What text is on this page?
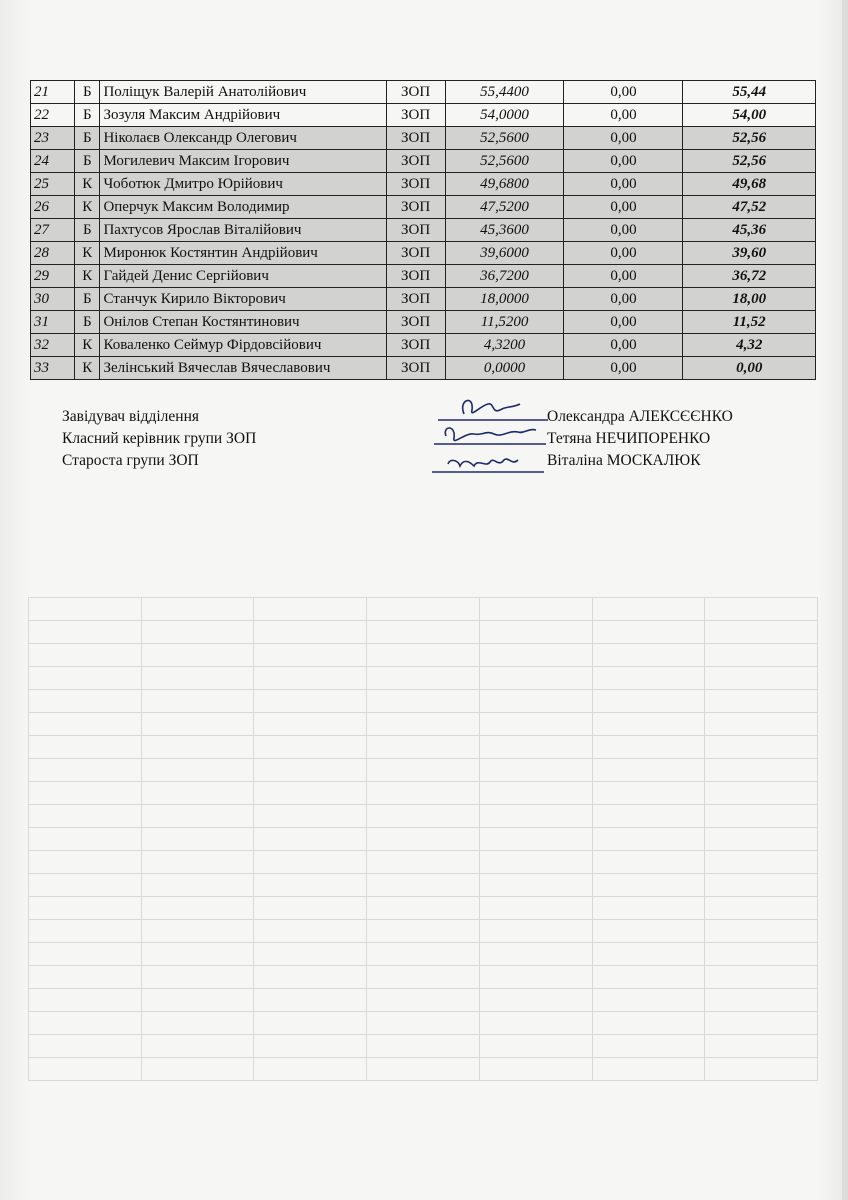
21	Б	Поліщук Валерій Анатолійович	ЗОП	55,4400	0,00	55,44
22	Б	Зозуля Максим Андрійович	ЗОП	54,0000	0,00	54,00
23	Б	Ніколаєв Олександр Олегович	ЗОП	52,5600	0,00	52,56
24	Б	Могилевич Максим Ігорович	ЗОП	52,5600	0,00	52,56
25	К	Чоботюк Дмитро Юрійович	ЗОП	49,6800	0,00	49,68
26	К	Оперчук Максим Володимир	ЗОП	47,5200	0,00	47,52
27	Б	Пахтусов Ярослав Віталійович	ЗОП	45,3600	0,00	45,36
28	К	Миронюк Костянтин Андрійович	ЗОП	39,6000	0,00	39,60
29	К	Гайдей Денис Сергійович	ЗОП	36,7200	0,00	36,72
30	Б	Станчук Кирило Вікторович	ЗОП	18,0000	0,00	18,00
31	Б	Онілов Степан Костянтинович	ЗОП	11,5200	0,00	11,52
32	К	Коваленко Сеймур Фірдовсійович	ЗОП	4,3200	0,00	4,32
33	К	Зелінський Вячеслав Вячеславович	ЗОП	0,0000	0,00	0,00
Завідувач відділення
Класний керівник групи ЗОП
Староста групи ЗОП
Олександра АЛЕКСЄЄНКО
Тетяна НЕЧИПОРЕНКО
Віталіна МОСКАЛЮК
